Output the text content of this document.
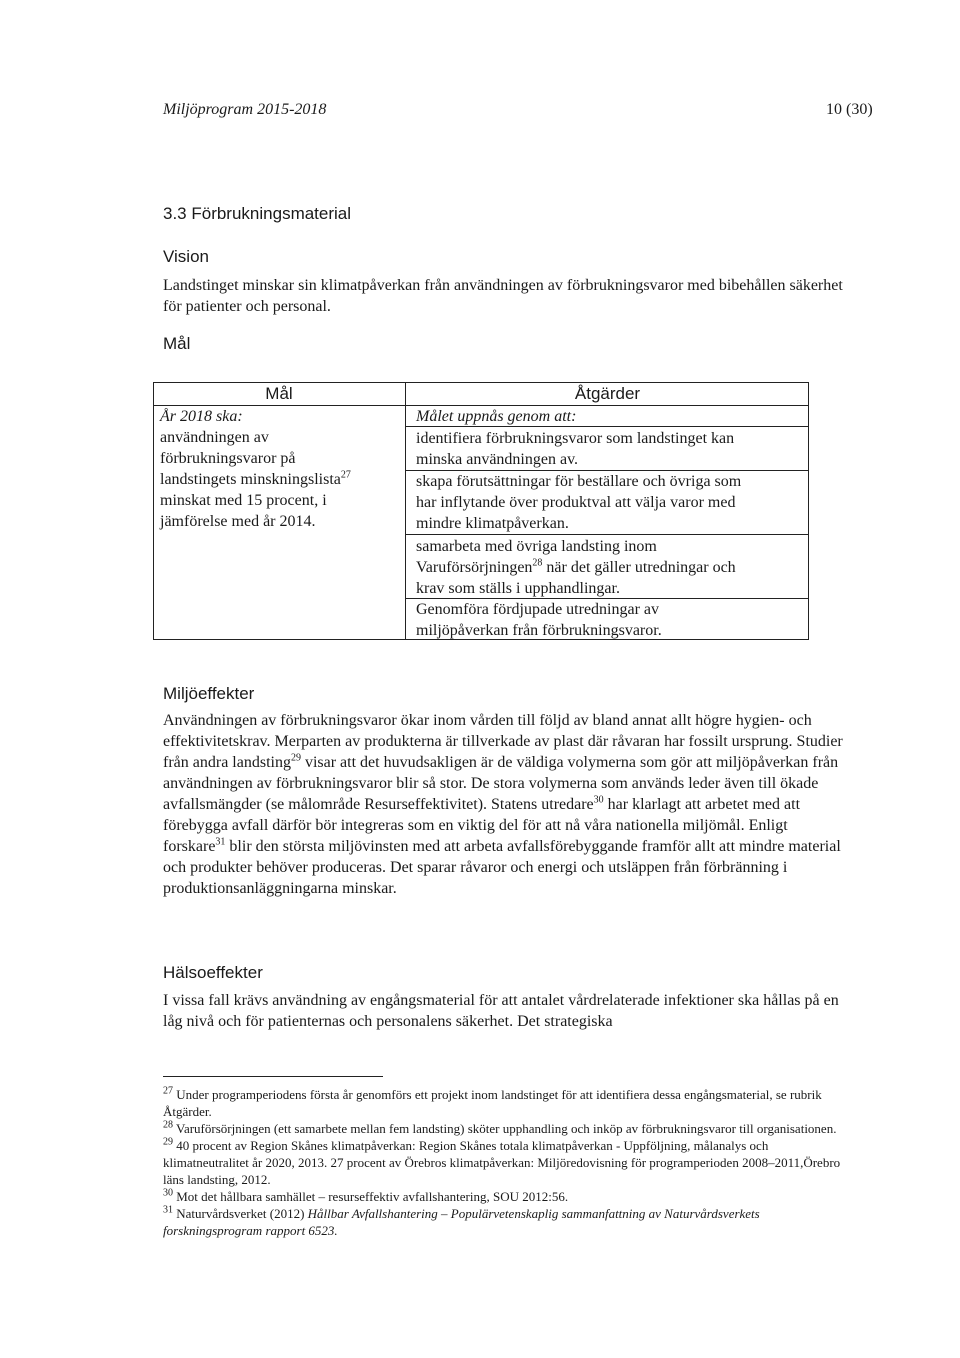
Miljöprogram 2015-2018	10 (30)
3.3 Förbrukningsmaterial
Vision
Landstinget minskar sin klimatpåverkan från användningen av förbrukningsvaror med bibehållen säkerhet för patienter och personal.
Mål
Mål	Åtgärder
År 2018 ska:
användningen av
förbrukningsvaror på
landstingets minskningslista$^{27}$
minskat med 15 procent, i
jämförelse med år 2014.
Målet uppnås genom att:
identifiera förbrukningsvaror som landstinget kan
minska användningen av.
skapa förutsättningar för beställare och övriga som
har inflytande över produktval att välja varor med
mindre klimatpåverkan.
samarbeta med övriga landsting inom
Varuförsörjningen$^{28}$ när det gäller utredningar och
krav som ställs i upphandlingar.
Genomföra fördjupade utredningar av
miljöpåverkan från förbrukningsvaror.
Miljöeffekter

Användningen av förbrukningsvaror ökar inom vården till följd av bland annat allt högre hygien- och effektivitetskrav. Merparten av produkterna är tillverkade av plast där råvaran har fossilt ursprung. Studier från andra landsting$^{29}$ visar att det huvudsakligen är de väldiga volymerna som gör att miljöpåverkan från användningen av förbrukningsvaror blir så stor. De stora volymerna som används leder även till ökade avfallsmängder (se målområde Resurseffektivitet). Statens utredare$^{30}$ har klarlagt att arbetet med att förebygga avfall därför bör integreras som en viktig del för att nå våra nationella miljömål. Enligt forskare$^{31}$ blir den största miljövinsten med att arbeta avfallsförebyggande framför allt att mindre material och produkter behöver produceras. Det sparar råvaror och energi och utsläppen från förbränning i produktionsanläggningarna minskar.

Hälsoeffekter
I vissa fall krävs användning av engångsmaterial för att antalet vårdrelaterade infektioner ska hållas på en låg nivå och för patienternas och personalens säkerhet. Det strategiska

$^{27}$ Under programperiodens första år genomförs ett projekt inom landstinget för att identifiera dessa engångsmaterial, se rubrik Åtgärder.

$^{28}$ Varuförsörjningen (ett samarbete mellan fem landsting) sköter upphandling och inköp av förbrukningsvaror till organisationen.

$^{29}$ 40 procent av Region Skånes klimatpåverkan: Region Skånes totala klimatpåverkan - Uppföljning, målanalys och klimatneutralitet år 2020, 2013. 27 procent av Örebros klimatpåverkan: Miljöredovisning för programperioden 2008–2011,Örebro läns landsting, 2012.

$^{30}$ Mot det hållbara samhället – resurseffektiv avfallshantering, SOU 2012:56.

$^{31}$ Naturvårdsverket (2012) Hållbar Avfallshantering – Populärvetenskaplig sammanfattning av Naturvårdsverkets forskningsprogram rapport 6523.
